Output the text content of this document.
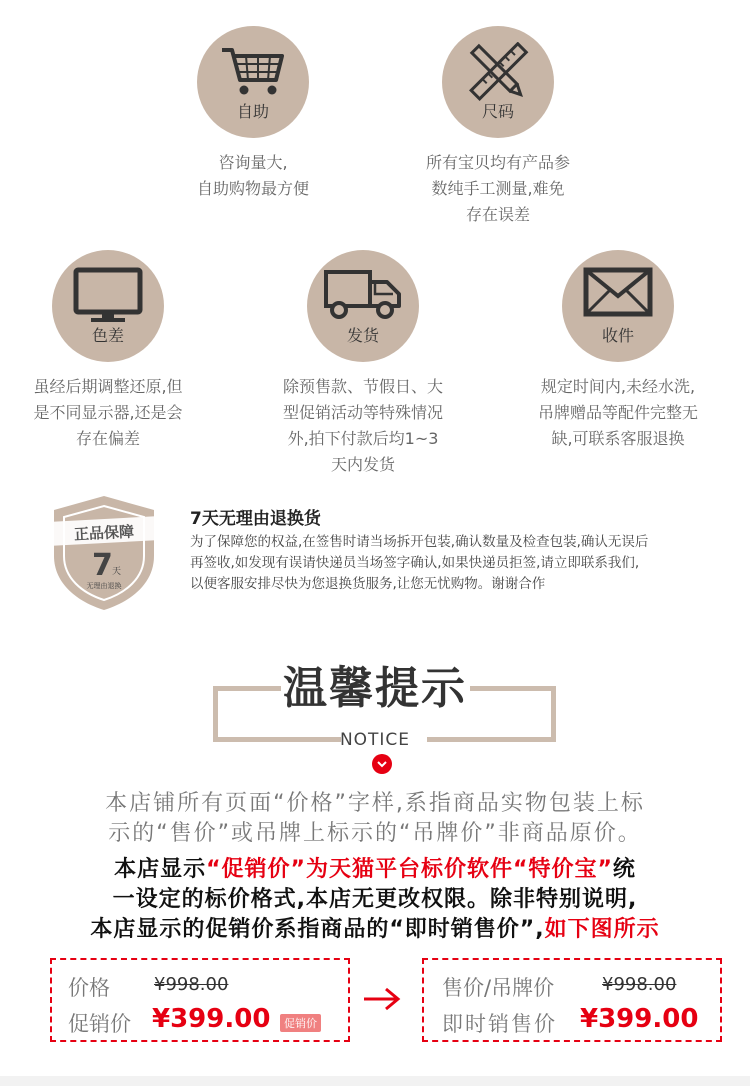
自助
咨询量大,
自助购物最方便
尺码
所有宝贝均有产品参
数纯手工测量,难免
存在误差
色差
虽经后期调整还原,但
是不同显示器,还是会
存在偏差
发货
除预售款、节假日、大
型促销活动等特殊情况
外,拍下付款后均1~3
天内发货
收件
规定时间内,未经水洗,
吊牌赠品等配件完整无
缺,可联系客服退换
正品保障
7 天
无理由退换
7天无理由退换货
为了保障您的权益,在签售时请当场拆开包装,确认数量及检查包装,确认无误后
再签收,如发现有误请快递员当场签字确认,如果快递员拒签,请立即联系我们,
以便客服安排尽快为您退换货服务,让您无忧购物。谢谢合作
温馨提示
NOTICE
本店铺所有页面“价格”字样,系指商品实物包装上标
示的“售价”或吊牌上标示的“吊牌价”非商品原价。
本店显示“促销价”为天猫平台标价软件“特价宝”统
一设定的标价格式,本店无更改权限。除非特别说明,
本店显示的促销价系指商品的“即时销售价”,如下图所示
价格 ¥998.00
促销价 ¥399.00	促销价
售价/吊牌价	¥998.00
即时销售价 ¥399.00
